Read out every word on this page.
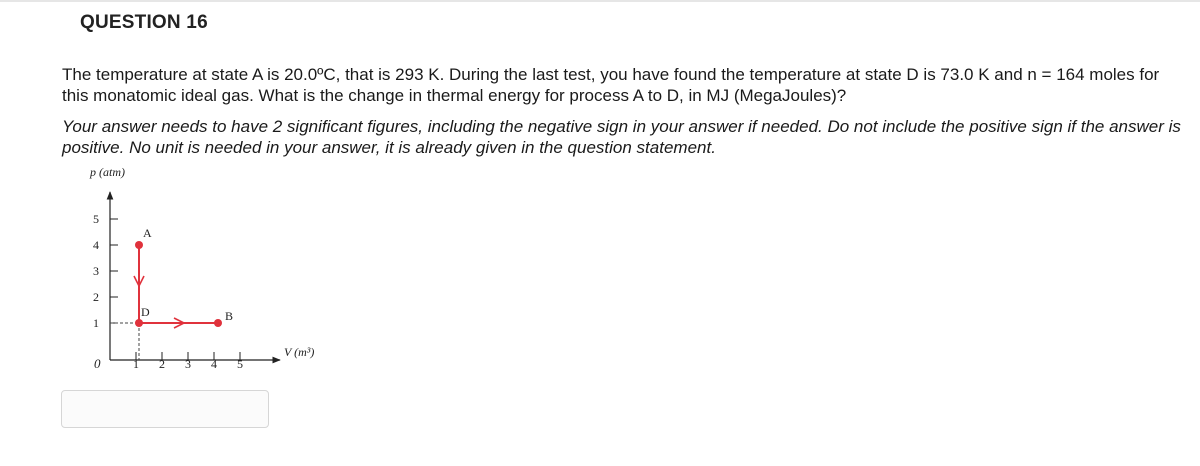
QUESTION 16
The temperature at state A is 20.0ºC, that is 293 K. During the last test, you have found the temperature at state D is 73.0 K and n = 164 moles for this monatomic ideal gas. What is the change in thermal energy for process A to D, in MJ (MegaJoules)?
Your answer needs to have 2 significant figures, including the negative sign in your answer if needed. Do not include the positive sign if the answer is positive. No unit is needed in your answer, it is already given in the question statement.
p (atm)
V (m³)
0	1 2 3 4 5
1
2
3
4
5
A
D	B
